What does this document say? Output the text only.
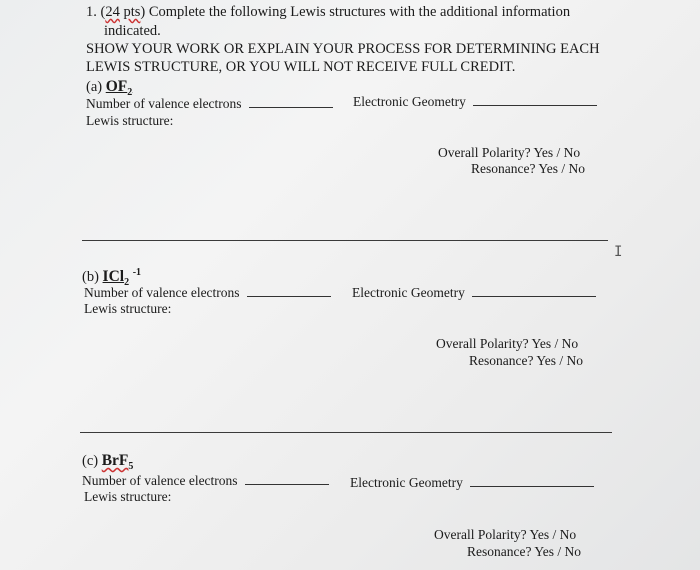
1. (24 pts) Complete the following Lewis structures with the additional information
indicated.
SHOW YOUR WORK OR EXPLAIN YOUR PROCESS FOR DETERMINING EACH
LEWIS STRUCTURE, OR YOU WILL NOT RECEIVE FULL CREDIT.
(a) $OF_2$
Number of valence electrons	Electronic Geometry
Lewis structure:
Overall Polarity? Yes / No
Resonance? Yes / No
I
(b) ICl$_2$ $^{-1}$
Number of valence electrons	Electronic Geometry
Lewis structure:
Overall Polarity? Yes / No
Resonance? Yes / No
(c) BrF$_5$
Number of valence electrons	Electronic Geometry
Lewis structure:
Overall Polarity? Yes / No
Resonance? Yes / No
